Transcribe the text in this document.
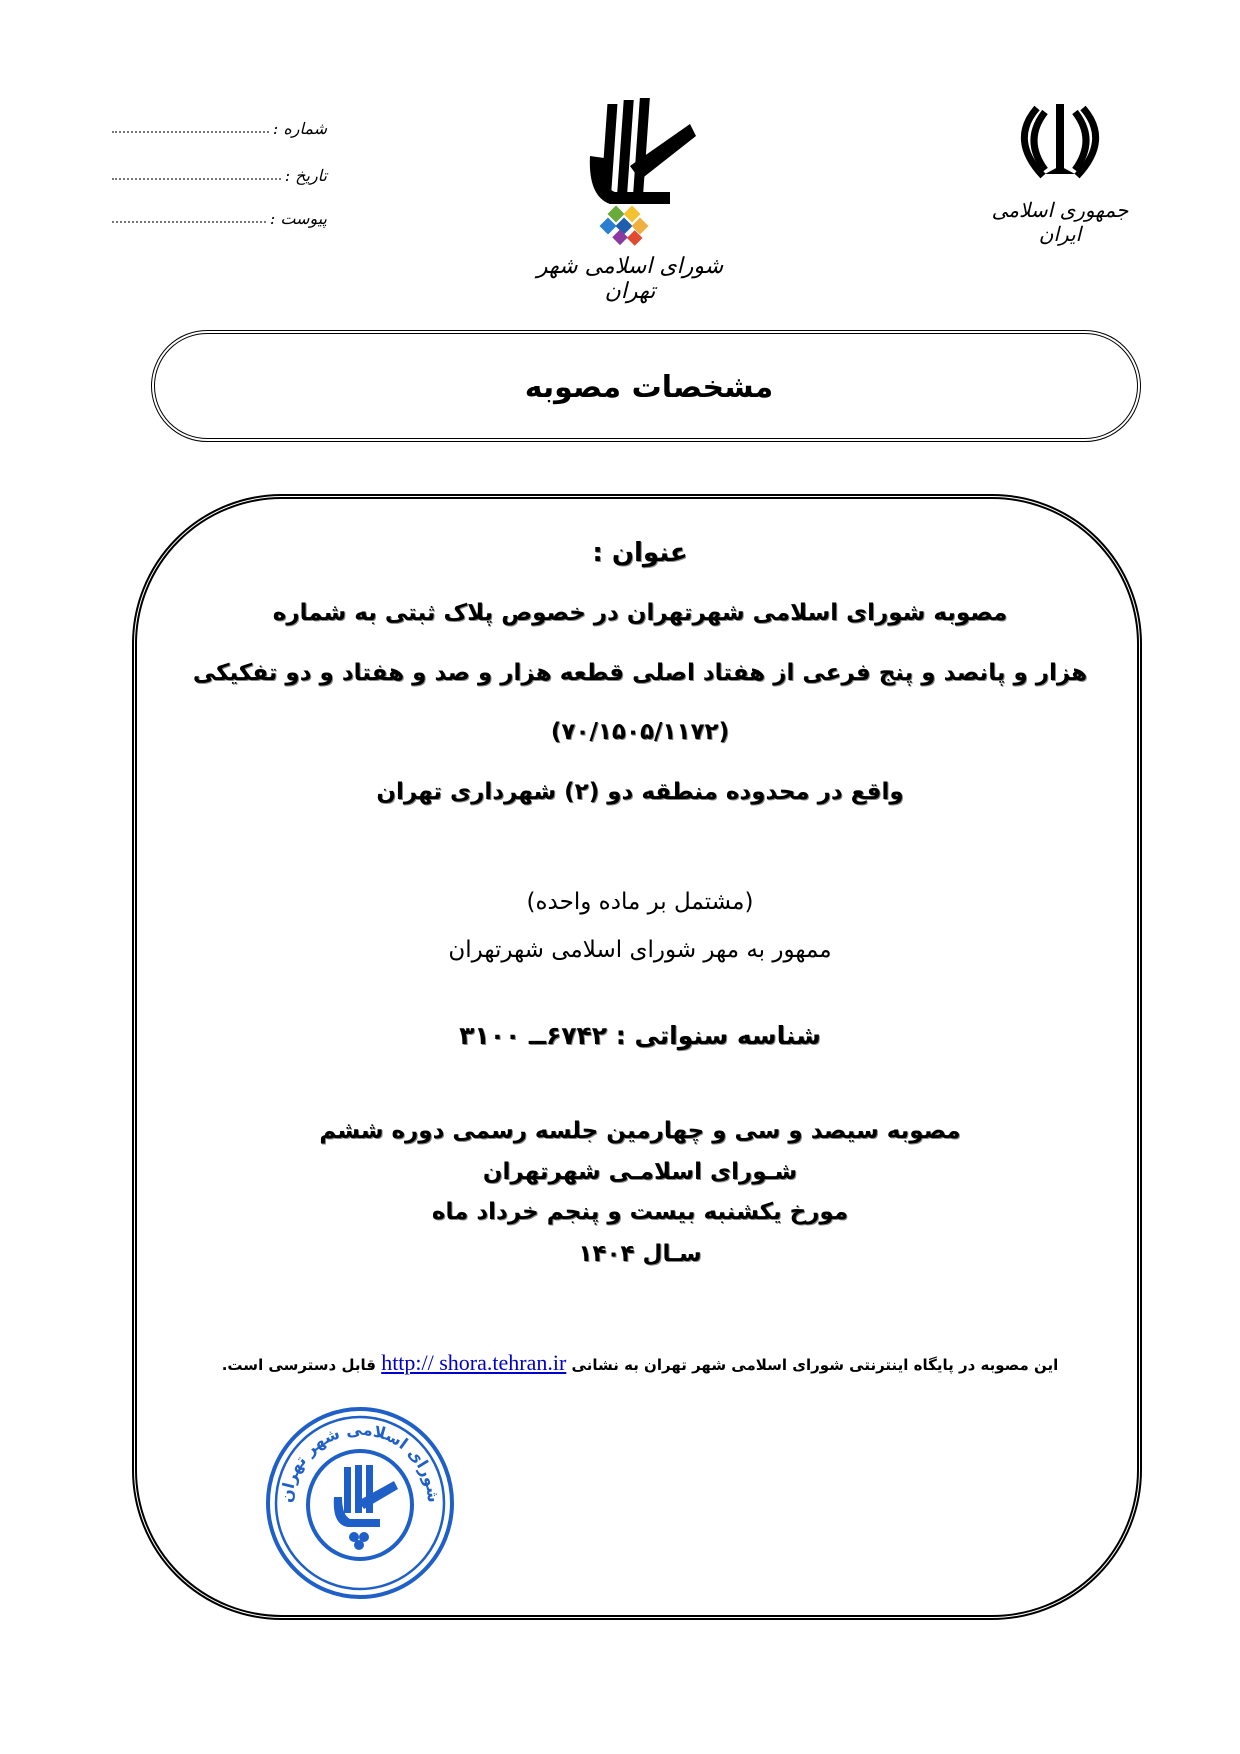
شماره :
تاریخ :
پیوست :
شورای اسلامی شهر تهران
جمهوری اسلامی ایران
مشخصات مصوبه
عنوان :
مصوبه شورای اسلامی شهرتهران در خصوص پلاک ثبتی به شماره
هزار و پانصد و پنج فرعی از هفتاد اصلی قطعه هزار و صد و هفتاد و دو تفکیکی
(۷۰/۱۵۰۵/۱۱۷۲)
واقع در محدوده منطقه دو (۲) شهرداری تهران
(مشتمل بر ماده واحده)
ممهور به مهر شورای اسلامی شهرتهران
شناسه سنواتی : ۶۷۴۲ــ ۳۱۰۰
مصوبه سیصد و سی و چهارمین جلسه رسمی دوره ششم
شـورای اسلامـی شهرتهران
مورخ یکشنبه بیست و پنجم خرداد ماه
سـال ۱۴۰۴
این مصوبه در پایگاه اینترنتی شورای اسلامی شهر تهران به نشانی http:// shora.tehran.ir قابل دسترسی است.
شورای اسلامی شهر تهران
